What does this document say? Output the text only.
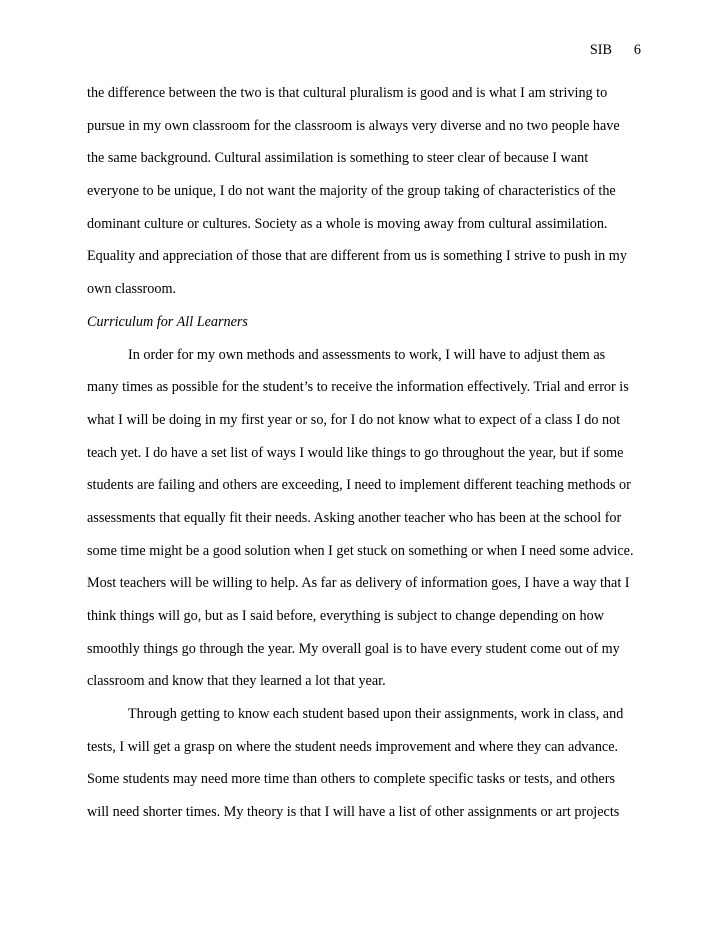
SIB 6
the difference between the two is that cultural pluralism is good and is what I am striving to
pursue in my own classroom for the classroom is always very diverse and no two people have
the same background. Cultural assimilation is something to steer clear of because I want
everyone to be unique, I do not want the majority of the group taking of characteristics of the
dominant culture or cultures. Society as a whole is moving away from cultural assimilation.
Equality and appreciation of those that are different from us is something I strive to push in my
own classroom.
Curriculum for All Learners
In order for my own methods and assessments to work, I will have to adjust them as
many times as possible for the student’s to receive the information effectively. Trial and error is
what I will be doing in my first year or so, for I do not know what to expect of a class I do not
teach yet. I do have a set list of ways I would like things to go throughout the year, but if some
students are failing and others are exceeding, I need to implement different teaching methods or
assessments that equally fit their needs. Asking another teacher who has been at the school for
some time might be a good solution when I get stuck on something or when I need some advice.
Most teachers will be willing to help. As far as delivery of information goes, I have a way that I
think things will go, but as I said before, everything is subject to change depending on how
smoothly things go through the year. My overall goal is to have every student come out of my
classroom and know that they learned a lot that year.
Through getting to know each student based upon their assignments, work in class, and
tests, I will get a grasp on where the student needs improvement and where they can advance.
Some students may need more time than others to complete specific tasks or tests, and others
will need shorter times. My theory is that I will have a list of other assignments or art projects
